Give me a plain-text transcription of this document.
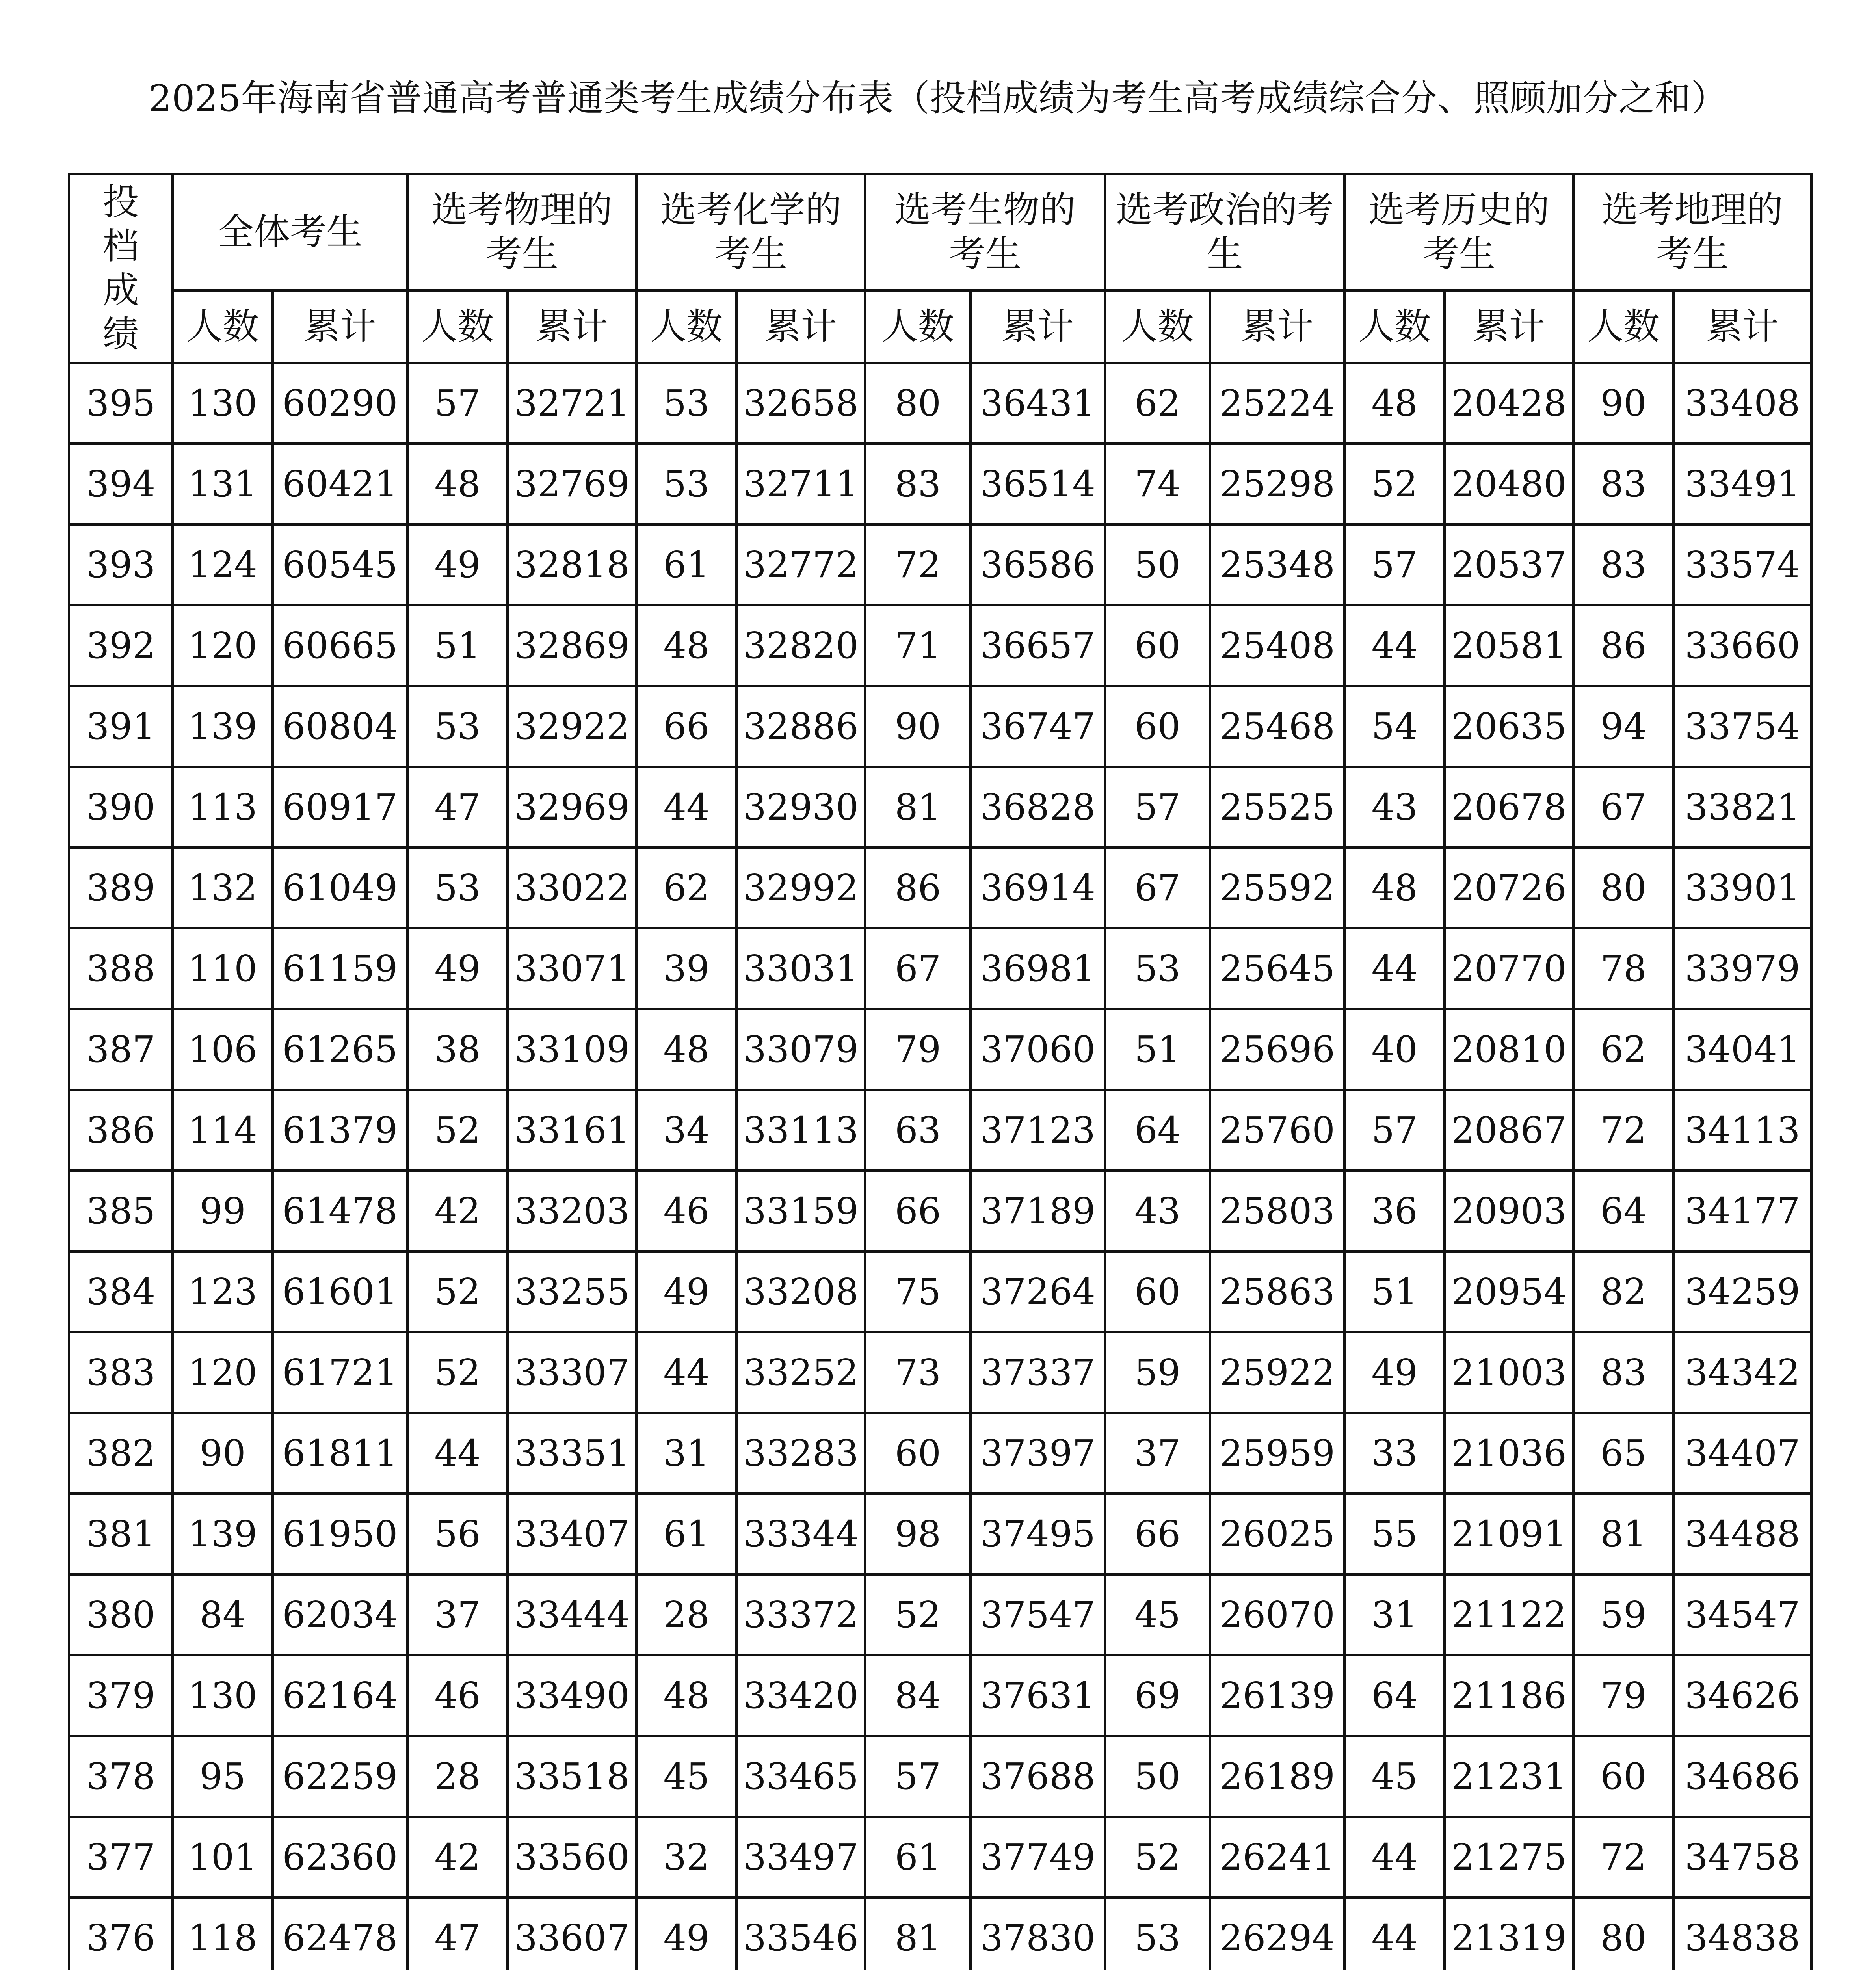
2025年海南省普通高考普通类考生成绩分布表（投档成绩为考生高考成绩综合分、照顾加分之和）
投档成绩	全体考生		选考物理的考生		选考化学的考生		选考生物的考生		选考政治的考生		选考历史的考生		选考地理的考生	
	人数	累计	人数	累计	人数	累计	人数	累计	人数	累计	人数	累计	人数	累计
395	130	60290	57	32721	53	32658	80	36431	62	25224	48	20428	90	33408
394	131	60421	48	32769	53	32711	83	36514	74	25298	52	20480	83	33491
393	124	60545	49	32818	61	32772	72	36586	50	25348	57	20537	83	33574
392	120	60665	51	32869	48	32820	71	36657	60	25408	44	20581	86	33660
391	139	60804	53	32922	66	32886	90	36747	60	25468	54	20635	94	33754
390	113	60917	47	32969	44	32930	81	36828	57	25525	43	20678	67	33821
389	132	61049	53	33022	62	32992	86	36914	67	25592	48	20726	80	33901
388	110	61159	49	33071	39	33031	67	36981	53	25645	44	20770	78	33979
387	106	61265	38	33109	48	33079	79	37060	51	25696	40	20810	62	34041
386	114	61379	52	33161	34	33113	63	37123	64	25760	57	20867	72	34113
385	99	61478	42	33203	46	33159	66	37189	43	25803	36	20903	64	34177
384	123	61601	52	33255	49	33208	75	37264	60	25863	51	20954	82	34259
383	120	61721	52	33307	44	33252	73	37337	59	25922	49	21003	83	34342
382	90	61811	44	33351	31	33283	60	37397	37	25959	33	21036	65	34407
381	139	61950	56	33407	61	33344	98	37495	66	26025	55	21091	81	34488
380	84	62034	37	33444	28	33372	52	37547	45	26070	31	21122	59	34547
379	130	62164	46	33490	48	33420	84	37631	69	26139	64	21186	79	34626
378	95	62259	28	33518	45	33465	57	37688	50	26189	45	21231	60	34686
377	101	62360	42	33560	32	33497	61	37749	52	26241	44	21275	72	34758
376	118	62478	47	33607	49	33546	81	37830	53	26294	44	21319	80	34838
